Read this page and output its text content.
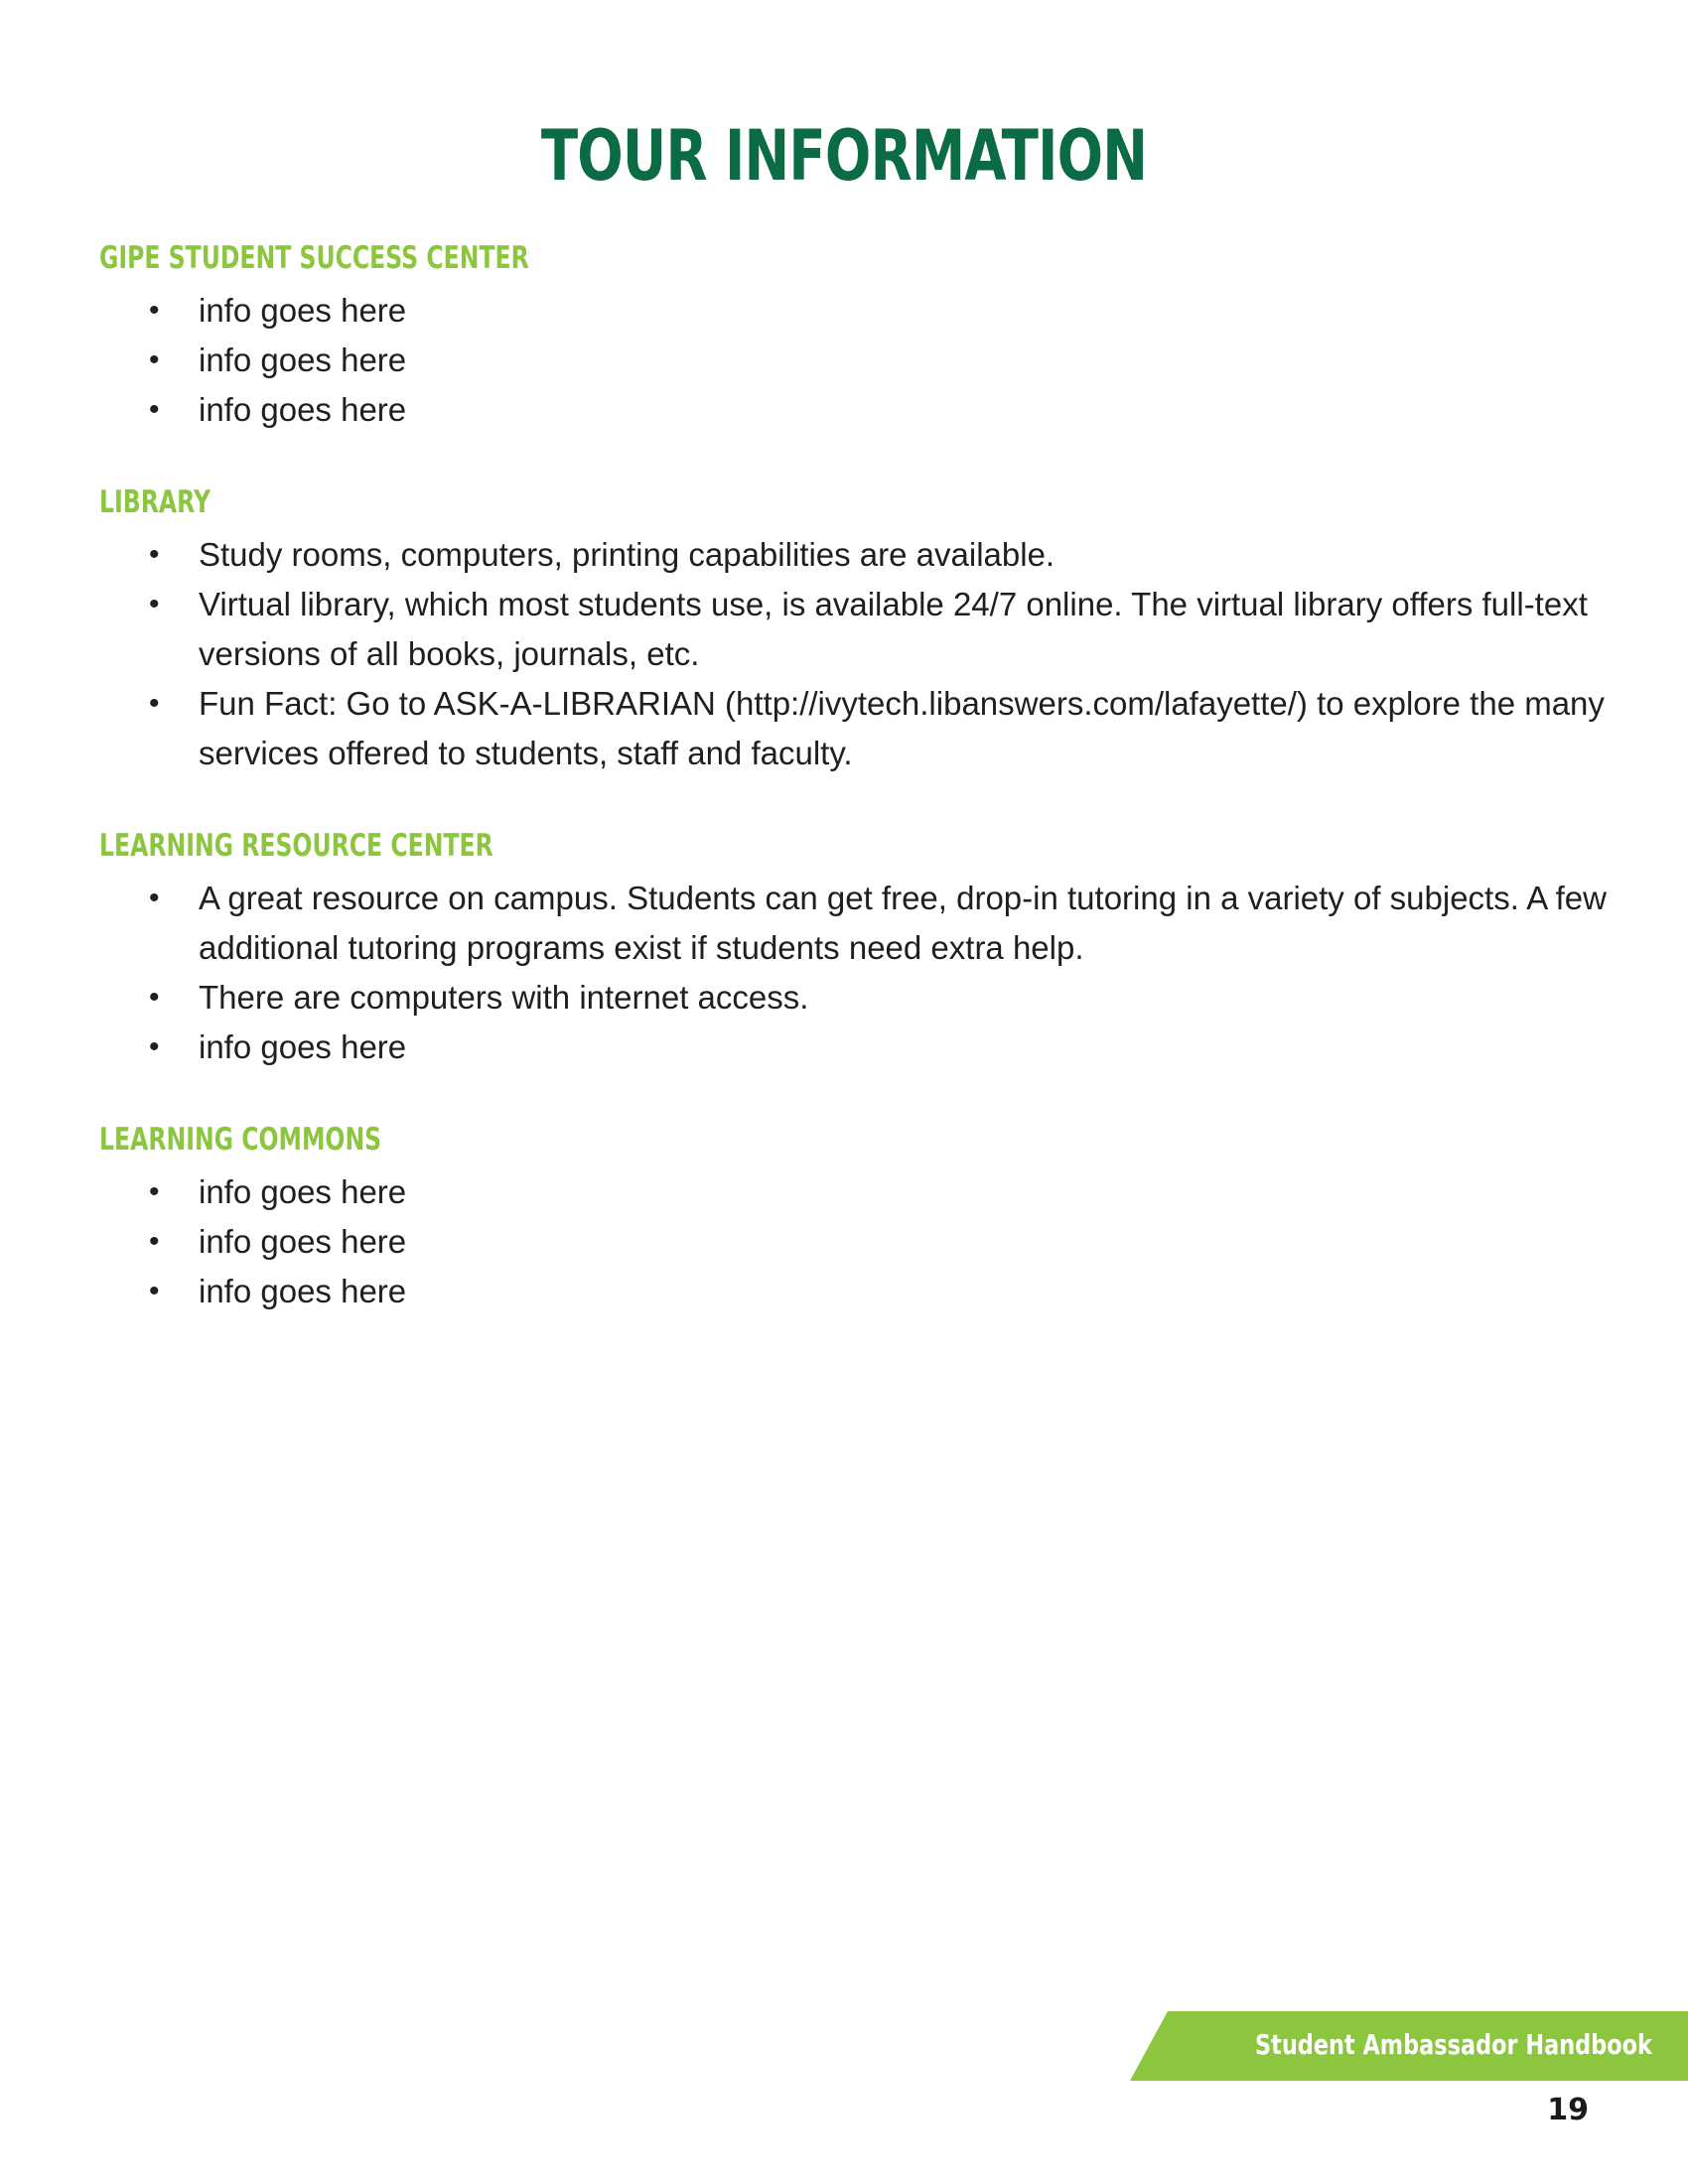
TOUR INFORMATION
GIPE STUDENT SUCCESS CENTER
• info goes here
• info goes here
• info goes here
LIBRARY
• Study rooms, computers, printing capabilities are available.
• Virtual library, which most students use, is available 24/7 online. The virtual library offers full-text versions of all books, journals, etc.
• Fun Fact: Go to ASK-A-LIBRARIAN (http://ivytech.libanswers.com/lafayette/) to explore the many services offered to students, staff and faculty.
LEARNING RESOURCE CENTER
• A great resource on campus. Students can get free, drop-in tutoring in a variety of subjects. A few additional tutoring programs exist if students need extra help.
• There are computers with internet access.
• info goes here
LEARNING COMMONS
• info goes here
• info goes here
• info goes here
Student Ambassador Handbook
19
